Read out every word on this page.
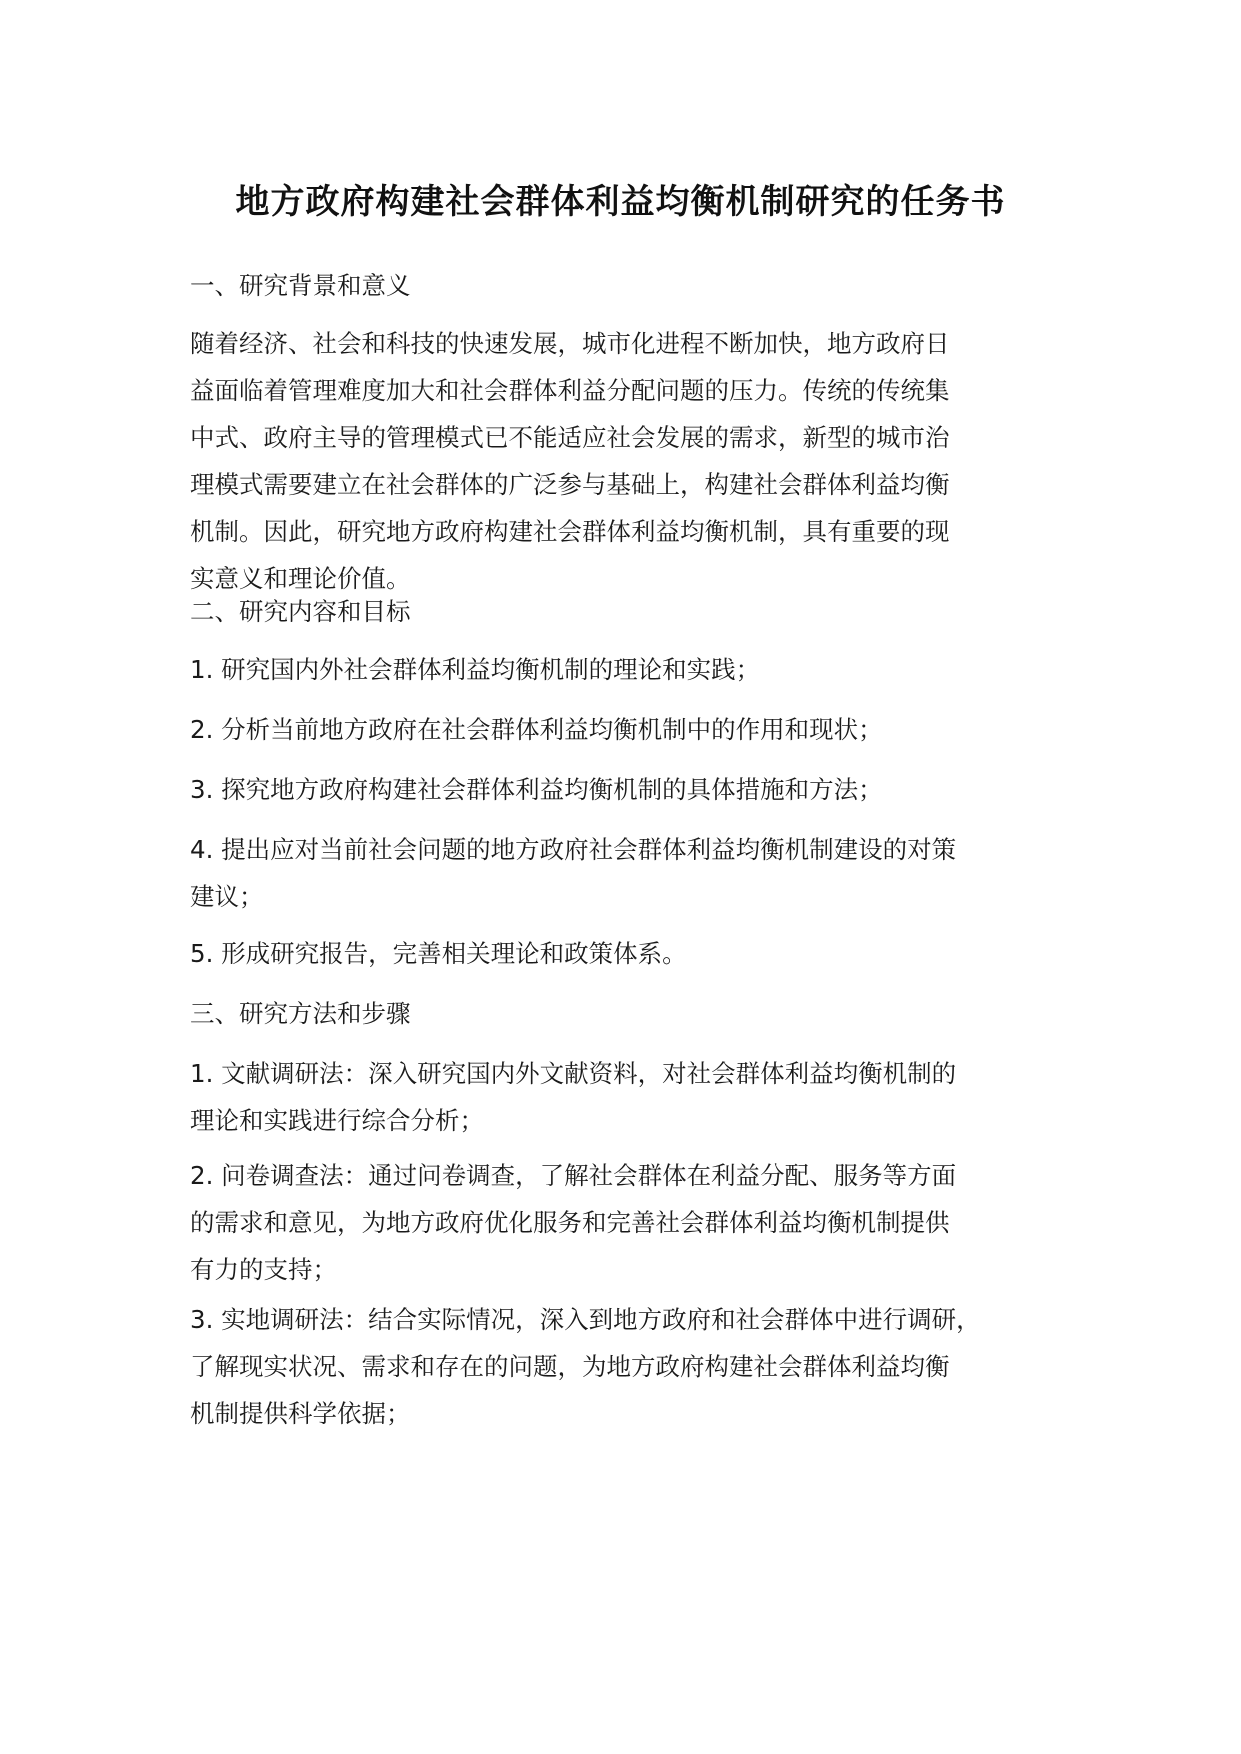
地方政府构建社会群体利益均衡机制研究的任务书

一、研究背景和意义

随着经济、社会和科技的快速发展，城市化进程不断加快，地方政府日
益面临着管理难度加大和社会群体利益分配问题的压力。传统的传统集
中式、政府主导的管理模式已不能适应社会发展的需求，新型的城市治
理模式需要建立在社会群体的广泛参与基础上，构建社会群体利益均衡
机制。因此，研究地方政府构建社会群体利益均衡机制，具有重要的现
实意义和理论价值。

二、研究内容和目标

1. 研究国内外社会群体利益均衡机制的理论和实践；

2. 分析当前地方政府在社会群体利益均衡机制中的作用和现状；

3. 探究地方政府构建社会群体利益均衡机制的具体措施和方法；

4. 提出应对当前社会问题的地方政府社会群体利益均衡机制建设的对策
建议；

5. 形成研究报告，完善相关理论和政策体系。

三、研究方法和步骤

1. 文献调研法：深入研究国内外文献资料，对社会群体利益均衡机制的
理论和实践进行综合分析；

2. 问卷调查法：通过问卷调查，了解社会群体在利益分配、服务等方面
的需求和意见，为地方政府优化服务和完善社会群体利益均衡机制提供
有力的支持；

3. 实地调研法：结合实际情况，深入到地方政府和社会群体中进行调研，
了解现实状况、需求和存在的问题，为地方政府构建社会群体利益均衡
机制提供科学依据；
